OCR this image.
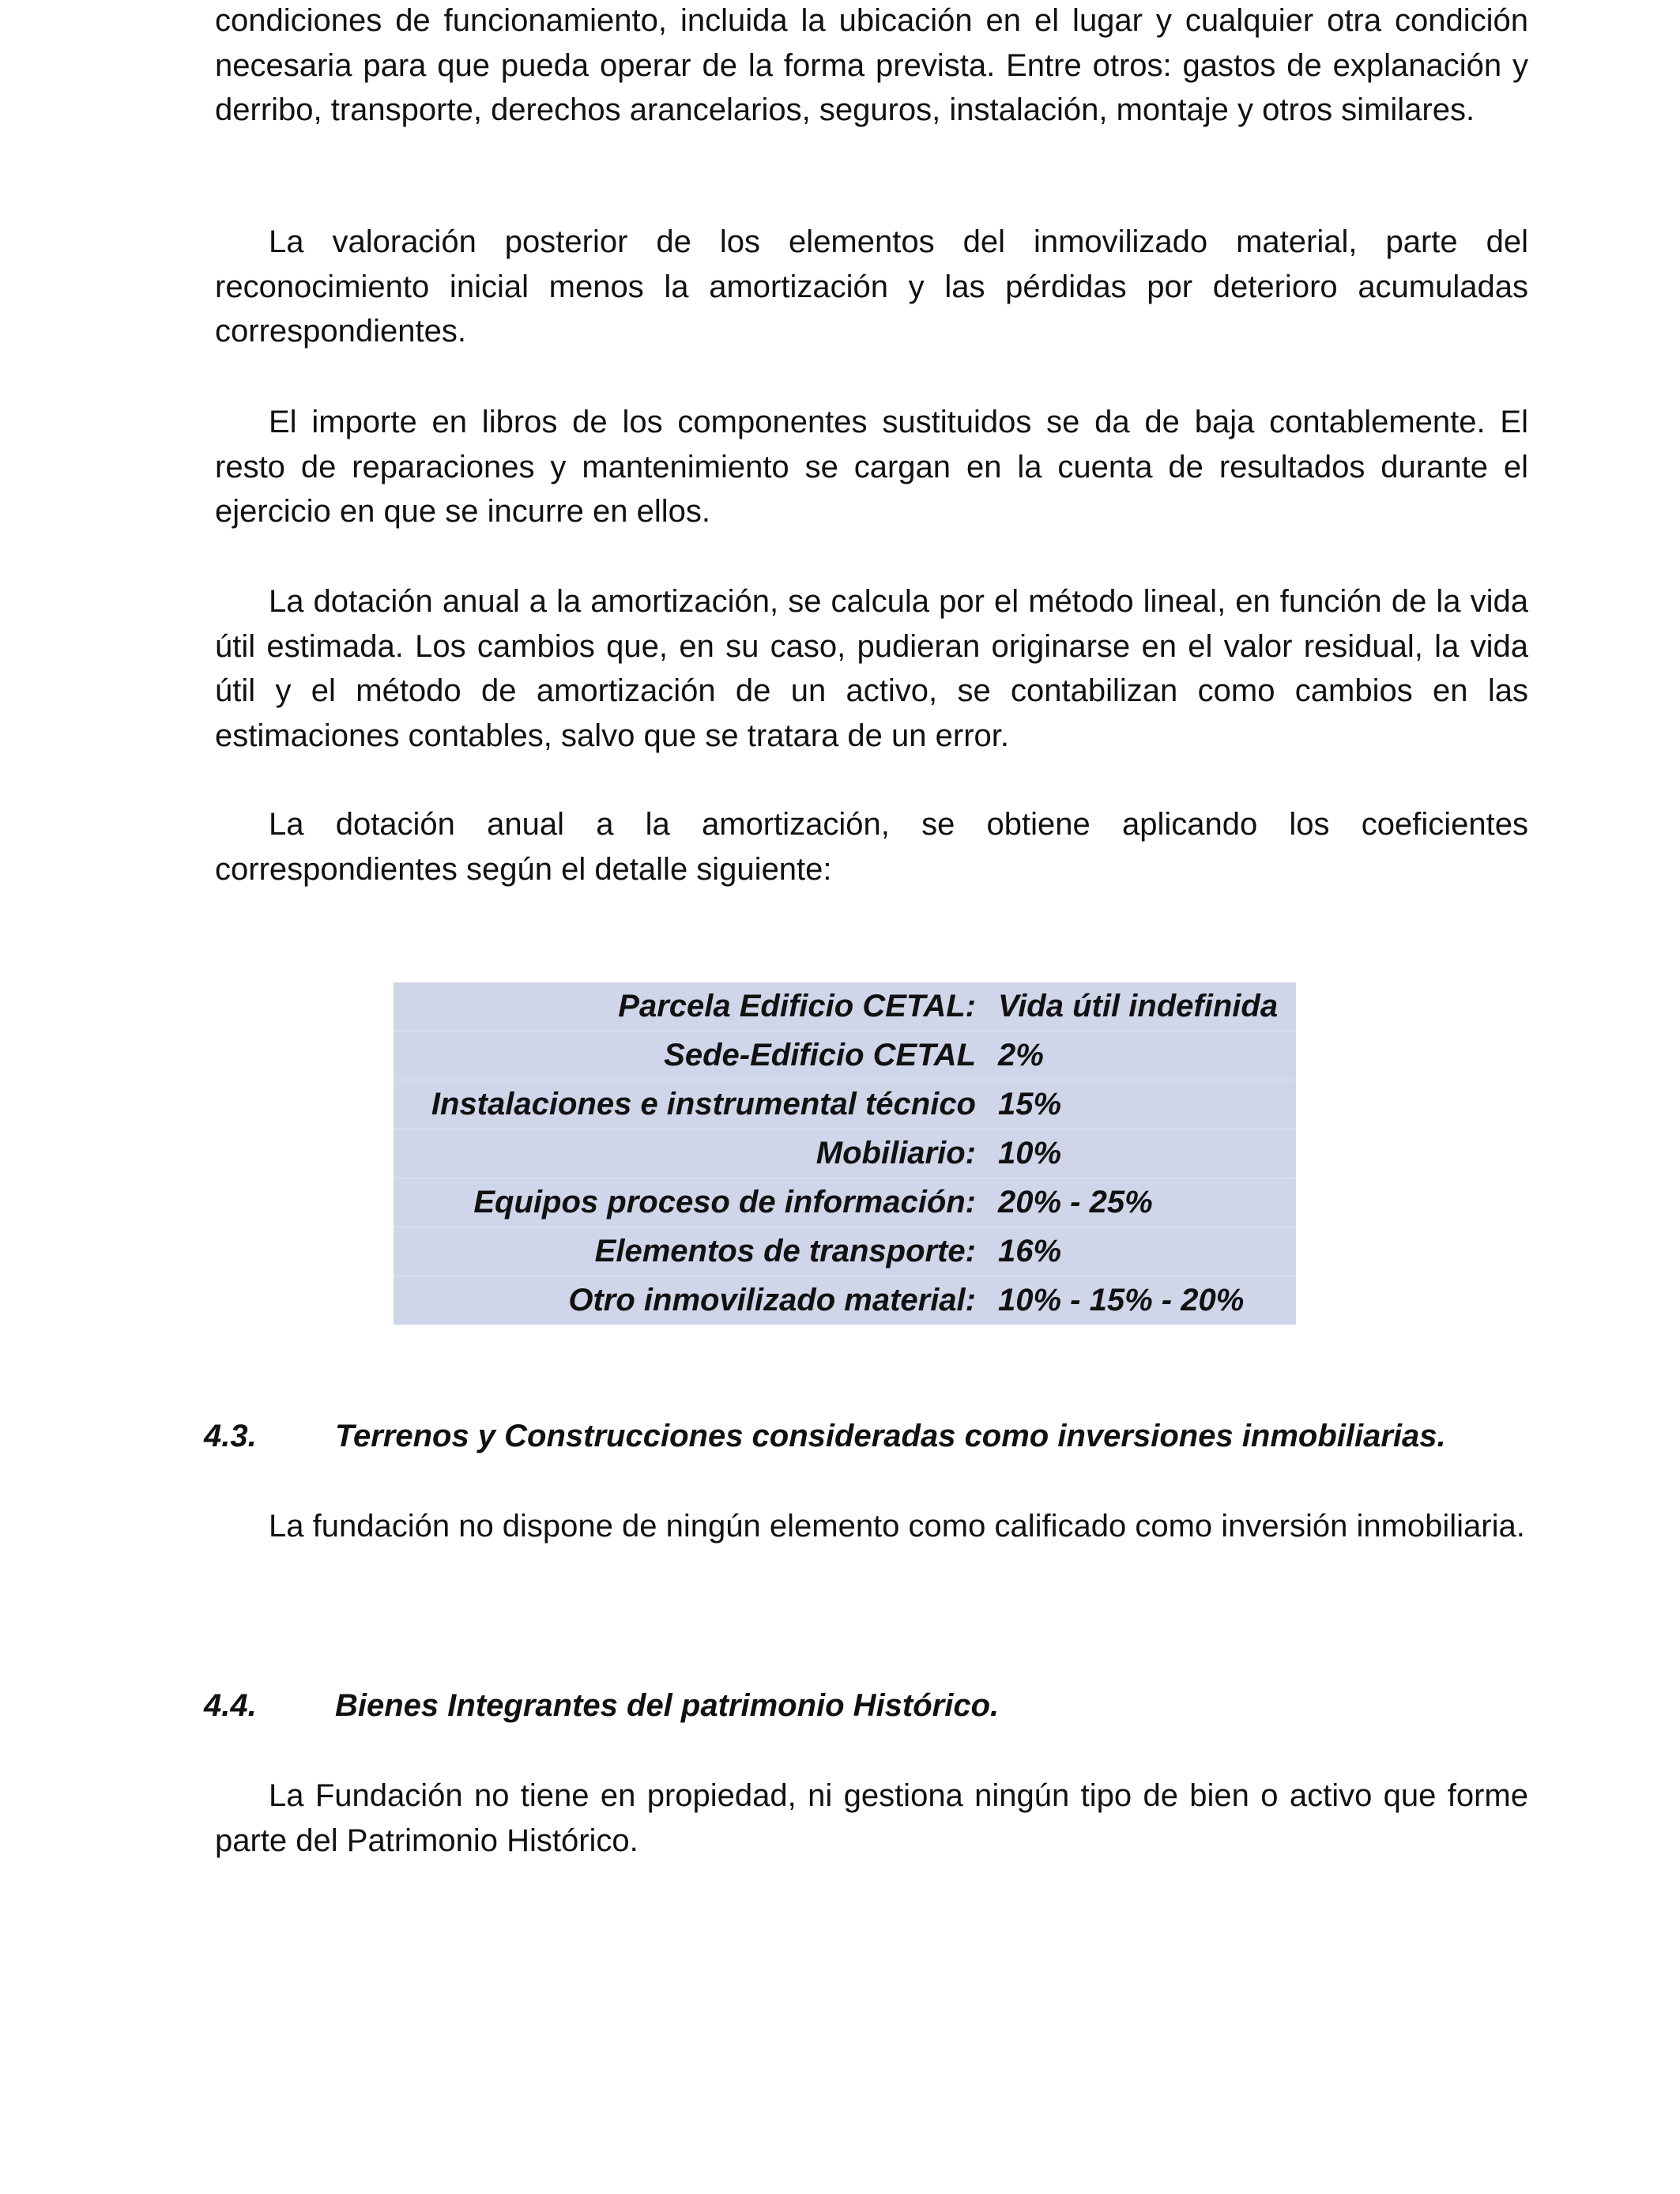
condiciones de funcionamiento, incluida la ubicación en el lugar y cualquier otra condición necesaria para que pueda operar de la forma prevista. Entre otros: gastos de explanación y derribo, transporte, derechos arancelarios, seguros, instalación, montaje y otros similares.

La valoración posterior de los elementos del inmovilizado material, parte del reconocimiento inicial menos la amortización y las pérdidas por deterioro acumuladas correspondientes.

El importe en libros de los componentes sustituidos se da de baja contablemente. El resto de reparaciones y mantenimiento se cargan en la cuenta de resultados durante el ejercicio en que se incurre en ellos.

La dotación anual a la amortización, se calcula por el método lineal, en función de la vida útil estimada. Los cambios que, en su caso, pudieran originarse en el valor residual, la vida útil y el método de amortización de un activo, se contabilizan como cambios en las estimaciones contables, salvo que se tratara de un error.

La dotación anual a la amortización, se obtiene aplicando los coeficientes correspondientes según el detalle siguiente:

La fundación no dispone de ningún elemento como calificado como inversión inmobiliaria.

La Fundación no tiene en propiedad, ni gestiona ningún tipo de bien o activo que forme parte del Patrimonio Histórico.

Parcela Edificio CETAL:	Vida útil indefinida
Sede-Edificio CETAL	2%
Instalaciones e instrumental técnico	15%
Mobiliario:	10%
Equipos proceso de información:	20% - 25%
Elementos de transporte:	16%
Otro inmovilizado material:	10% - 15% - 20%
4.3. Terrenos y Construcciones consideradas como inversiones inmobiliarias.
4.4. Bienes Integrantes del patrimonio Histórico.
